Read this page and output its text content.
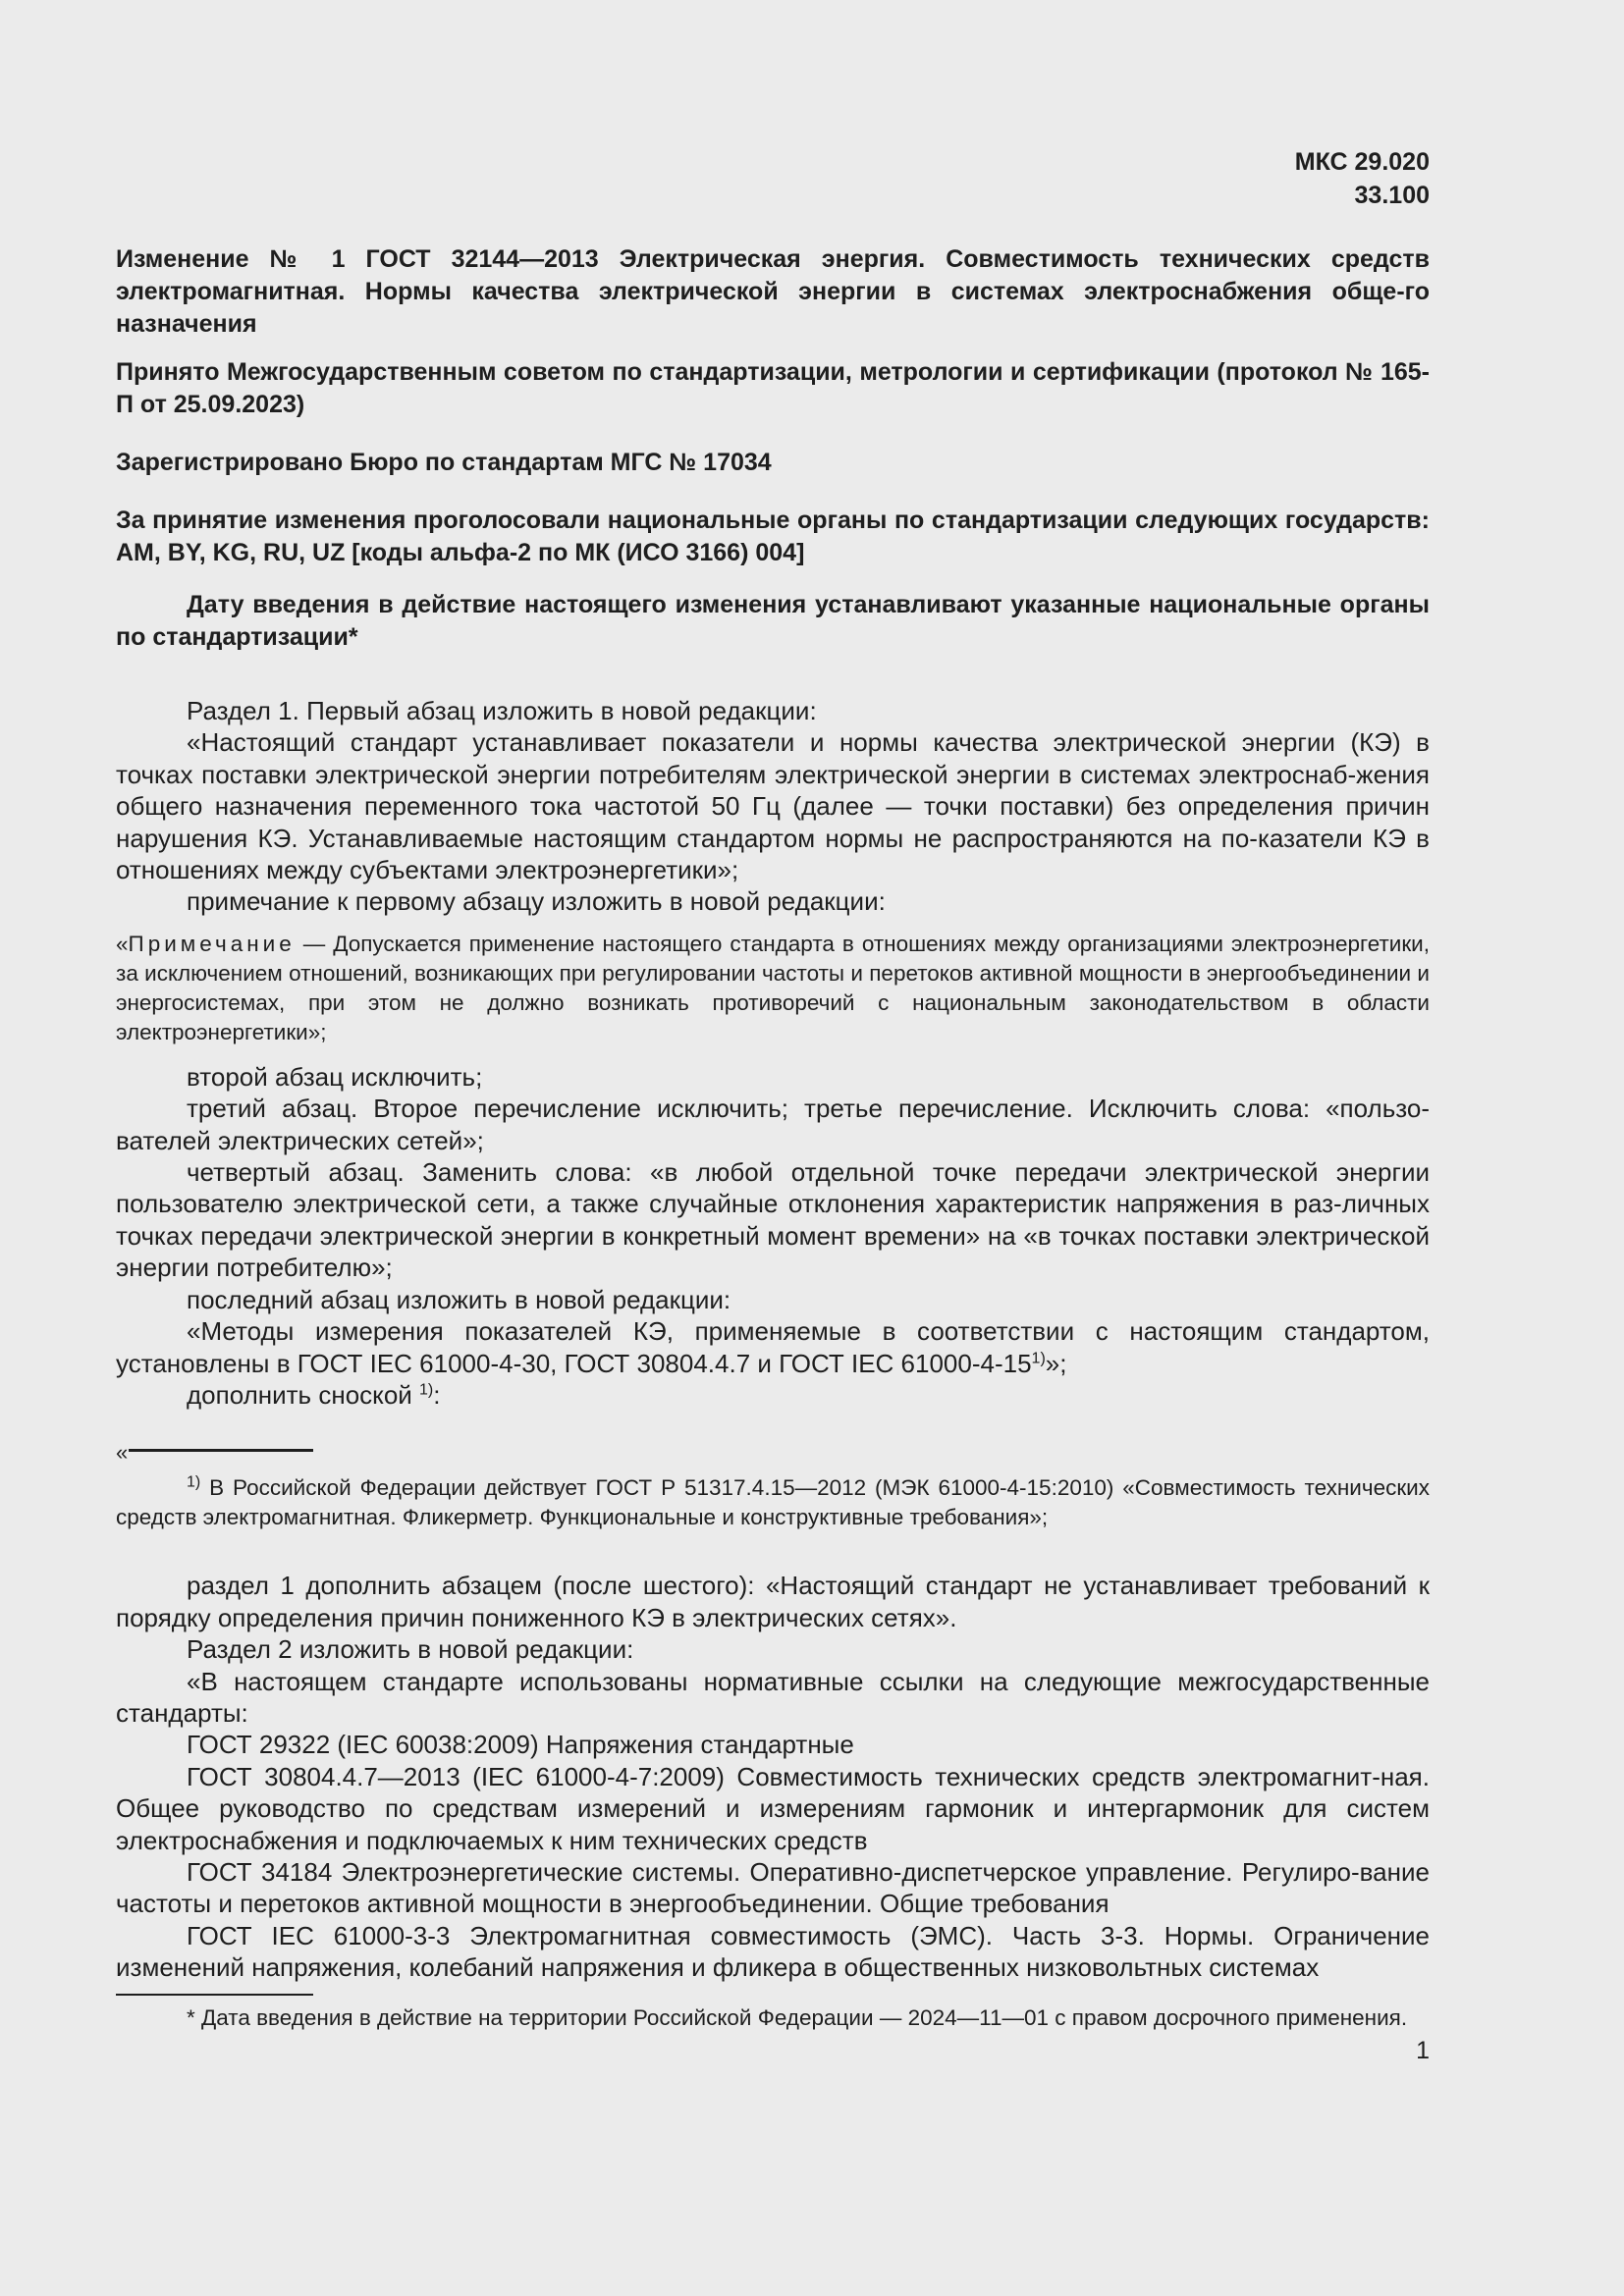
МКС 29.020
33.100

Изменение № 1 ГОСТ 32144—2013 Электрическая энергия. Совместимость технических средств электромагнитная. Нормы качества электрической энергии в системах электроснабжения обще-го назначения

Принято Межгосударственным советом по стандартизации, метрологии и сертификации (протокол № 165-П от 25.09.2023)

Зарегистрировано Бюро по стандартам МГС № 17034

За принятие изменения проголосовали национальные органы по стандартизации следующих государств: AM, BY, KG, RU, UZ [коды альфа-2 по МК (ИСО 3166) 004]

Дату введения в действие настоящего изменения устанавливают указанные национальные органы по стандартизации*

Раздел 1. Первый абзац изложить в новой редакции:

«Настоящий стандарт устанавливает показатели и нормы качества электрической энергии (КЭ) в точках поставки электрической энергии потребителям электрической энергии в системах электроснаб-жения общего назначения переменного тока частотой 50 Гц (далее — точки поставки) без определения причин нарушения КЭ. Устанавливаемые настоящим стандартом нормы не распространяются на по-казатели КЭ в отношениях между субъектами электроэнергетики»;

примечание к первому абзацу изложить в новой редакции:

«Примечание — Допускается применение настоящего стандарта в отношениях между организациями электроэнергетики, за исключением отношений, возникающих при регулировании частоты и перетоков активной мощности в энергообъединении и энергосистемах, при этом не должно возникать противоречий с национальным законодательством в области электроэнергетики»;

второй абзац исключить;

третий абзац. Второе перечисление исключить; третье перечисление. Исключить слова: «пользо-вателей электрических сетей»;

четвертый абзац. Заменить слова: «в любой отдельной точке передачи электрической энергии пользователю электрической сети, а также случайные отклонения характеристик напряжения в раз-личных точках передачи электрической энергии в конкретный момент времени» на «в точках поставки электрической энергии потребителю»;

последний абзац изложить в новой редакции:

«Методы измерения показателей КЭ, применяемые в соответствии с настоящим стандартом, установлены в ГОСТ IEC 61000-4-30, ГОСТ 30804.4.7 и ГОСТ IEC 61000-4-15$^{1)}$»;

дополнить сноской $^{1)}$:

«

$^{1)}$ В Российской Федерации действует ГОСТ Р 51317.4.15—2012 (МЭК 61000-4-15:2010) «Совместимость технических средств электромагнитная. Фликерметр. Функциональные и конструктивные требования»;

раздел 1 дополнить абзацем (после шестого): «Настоящий стандарт не устанавливает требований к порядку определения причин пониженного КЭ в электрических сетях».

Раздел 2 изложить в новой редакции:

«В настоящем стандарте использованы нормативные ссылки на следующие межгосударственные стандарты:

ГОСТ 29322 (IEC 60038:2009) Напряжения стандартные

ГОСТ 30804.4.7—2013 (IEC 61000-4-7:2009) Совместимость технических средств электромагнит-ная. Общее руководство по средствам измерений и измерениям гармоник и интергармоник для систем электроснабжения и подключаемых к ним технических средств

ГОСТ 34184 Электроэнергетические системы. Оперативно-диспетчерское управление. Регулиро-вание частоты и перетоков активной мощности в энергообъединении. Общие требования

ГОСТ IEC 61000-3-3 Электромагнитная совместимость (ЭМС). Часть 3-3. Нормы. Ограничение изменений напряжения, колебаний напряжения и фликера в общественных низковольтных системах

* Дата введения в действие на территории Российской Федерации — 2024—11—01 с правом досрочного применения.

1
